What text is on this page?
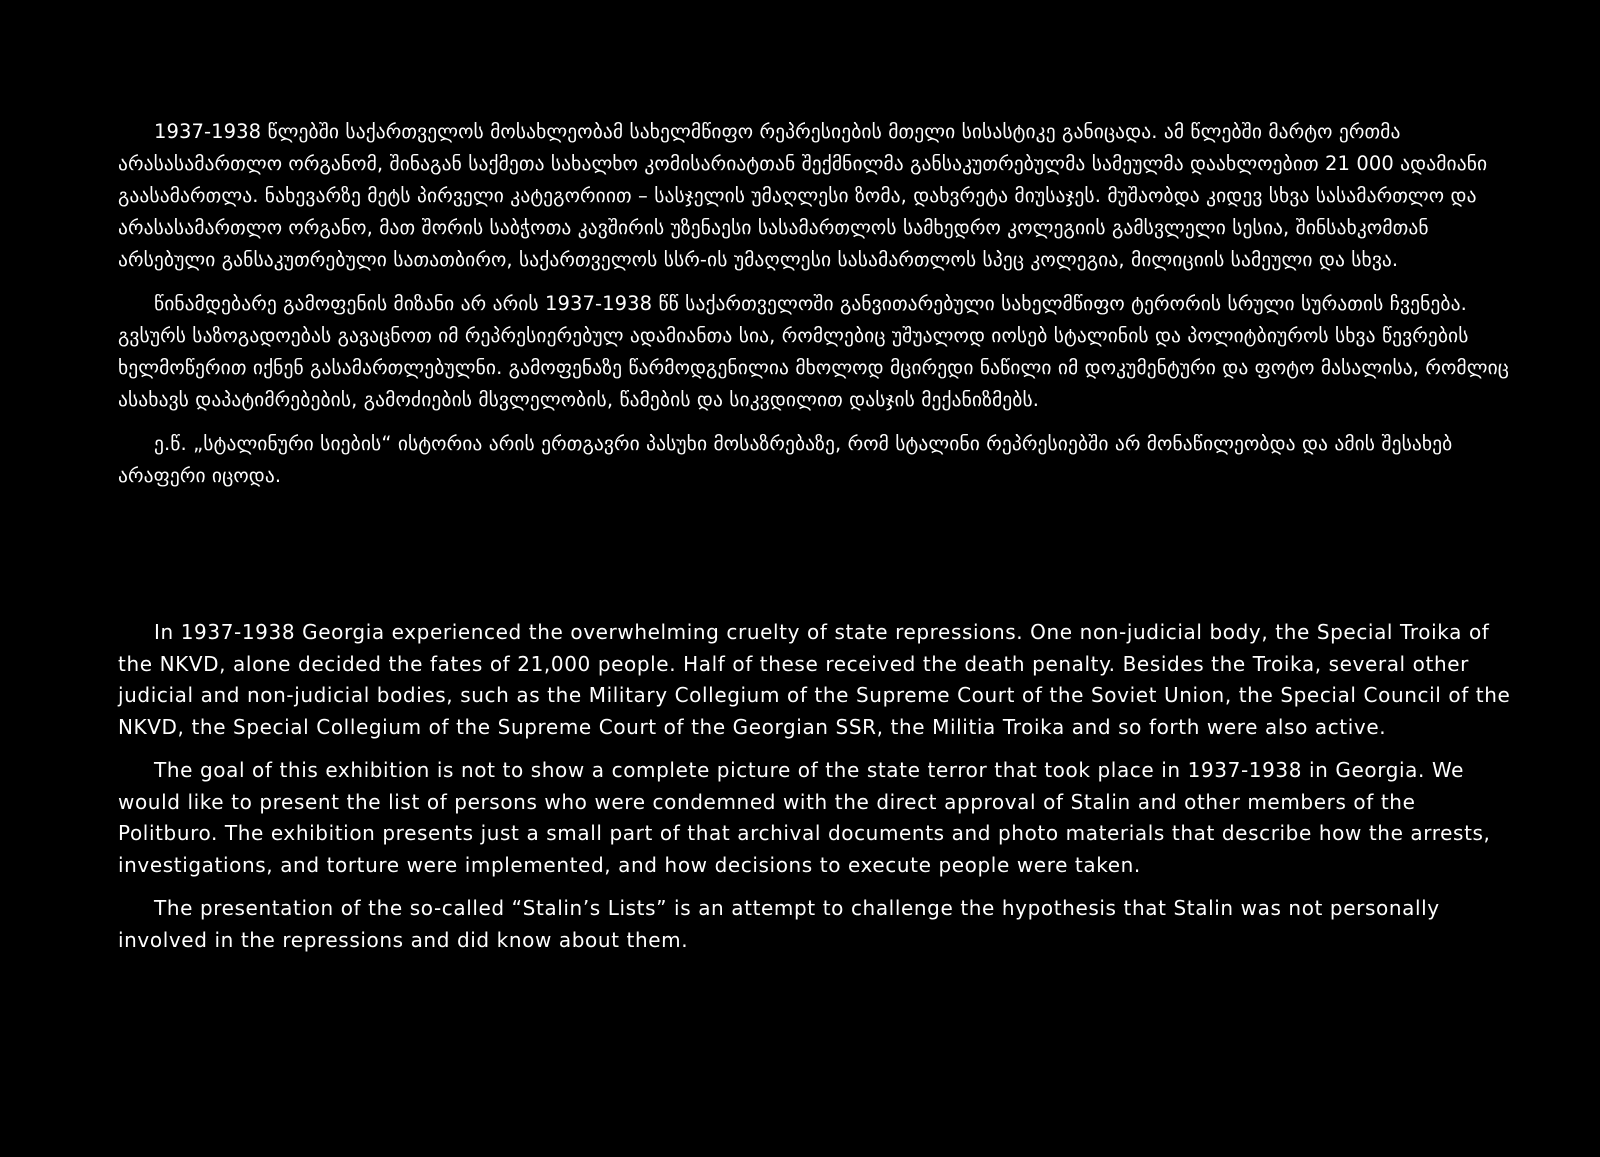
1937-1938 წლებში საქართველოს მოსახლეობამ სახელმწიფო რეპრესიების მთელი სისასტიკე განიცადა. ამ წლებში მარტო ერთმა არასასამართლო ორგანომ, შინაგან საქმეთა სახალხო კომისარიატთან შექმნილმა განსაკუთრებულმა სამეულმა დაახლოებით 21 000 ადამიანი გაასამართლა. ნახევარზე მეტს პირველი კატეგორიით – სასჯელის უმაღლესი ზომა, დახვრეტა მიუსაჯეს. მუშაობდა კიდევ სხვა სასამართლო და არასასამართლო ორგანო, მათ შორის საბჭოთა კავშირის უზენაესი სასამართლოს სამხედრო კოლეგიის გამსვლელი სესია, შინსახკომთან არსებული განსაკუთრებული სათათბირო, საქართველოს სსრ-ის უმაღლესი სასამართლოს სპეც კოლეგია, მილიციის სამეული და სხვა.

წინამდებარე გამოფენის მიზანი არ არის 1937-1938 წწ საქართველოში განვითარებული სახელმწიფო ტერორის სრული სურათის ჩვენება. გვსურს საზოგადოებას გავაცნოთ იმ რეპრესიერებულ ადამიანთა სია, რომლებიც უშუალოდ იოსებ სტალინის და პოლიტბიუროს სხვა წევრების ხელმოწერით იქნენ გასამართლებულნი. გამოფენაზე წარმოდგენილია მხოლოდ მცირედი ნაწილი იმ დოკუმენტური და ფოტო მასალისა, რომლიც ასახავს დაპატიმრებების, გამოძიების მსვლელობის, წამების და სიკვდილით დასჯის მექანიზმებს.

ე.წ. „სტალინური სიების“ ისტორია არის ერთგავრი პასუხი მოსაზრებაზე, რომ სტალინი რეპრესიებში არ მონაწილეობდა და ამის შესახებ არაფერი იცოდა.

In 1937-1938 Georgia experienced the overwhelming cruelty of state repressions. One non-judicial body, the Special Troika of the NKVD, alone decided the fates of 21,000 people. Half of these received the death penalty. Besides the Troika, several other judicial and non-judicial bodies, such as the Military Collegium of the Supreme Court of the Soviet Union, the Special Council of the NKVD, the Special Collegium of the Supreme Court of the Georgian SSR, the Militia Troika and so forth were also active.

The goal of this exhibition is not to show a complete picture of the state terror that took place in 1937-1938 in Georgia. We would like to present the list of persons who were condemned with the direct approval of Stalin and other members of the Politburo. The exhibition presents just a small part of that archival documents and photo materials that describe how the arrests, investigations, and torture were implemented, and how decisions to execute people were taken.

The presentation of the so-called “Stalin’s Lists” is an attempt to challenge the hypothesis that Stalin was not personally involved in the repressions and did know about them.
